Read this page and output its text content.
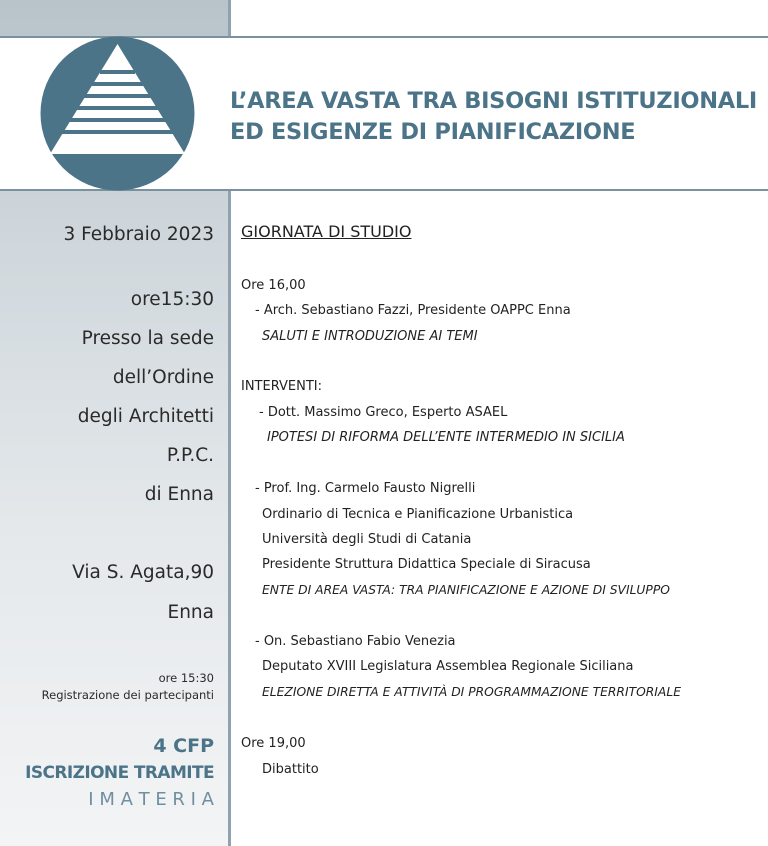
L’AREA VASTA TRA BISOGNI ISTITUZIONALI
ED ESIGENZE DI PIANIFICAZIONE
3 Febbraio 2023
ore15:30
Presso la sede
dell’Ordine
degli Architetti
P.P.C.
di Enna
Via S. Agata,90
Enna
ore 15:30
Registrazione dei partecipanti
4 CFP
ISCRIZIONE TRAMITE
I M A T E R I A
GIORNATA DI STUDIO
Ore 16,00
- Arch. Sebastiano Fazzi, Presidente OAPPC Enna
SALUTI E INTRODUZIONE AI TEMI
INTERVENTI:
- Dott. Massimo Greco, Esperto ASAEL
IPOTESI DI RIFORMA DELL’ENTE INTERMEDIO IN SICILIA
- Prof. Ing. Carmelo Fausto Nigrelli
Ordinario di Tecnica e Pianificazione Urbanistica
Università degli Studi di Catania
Presidente Struttura Didattica Speciale di Siracusa
ENTE DI AREA VASTA: TRA PIANIFICAZIONE E AZIONE DI SVILUPPO
- On. Sebastiano Fabio Venezia
Deputato XVIII Legislatura Assemblea Regionale Siciliana
ELEZIONE DIRETTA E ATTIVITÀ DI PROGRAMMAZIONE TERRITORIALE
Ore 19,00
Dibattito
